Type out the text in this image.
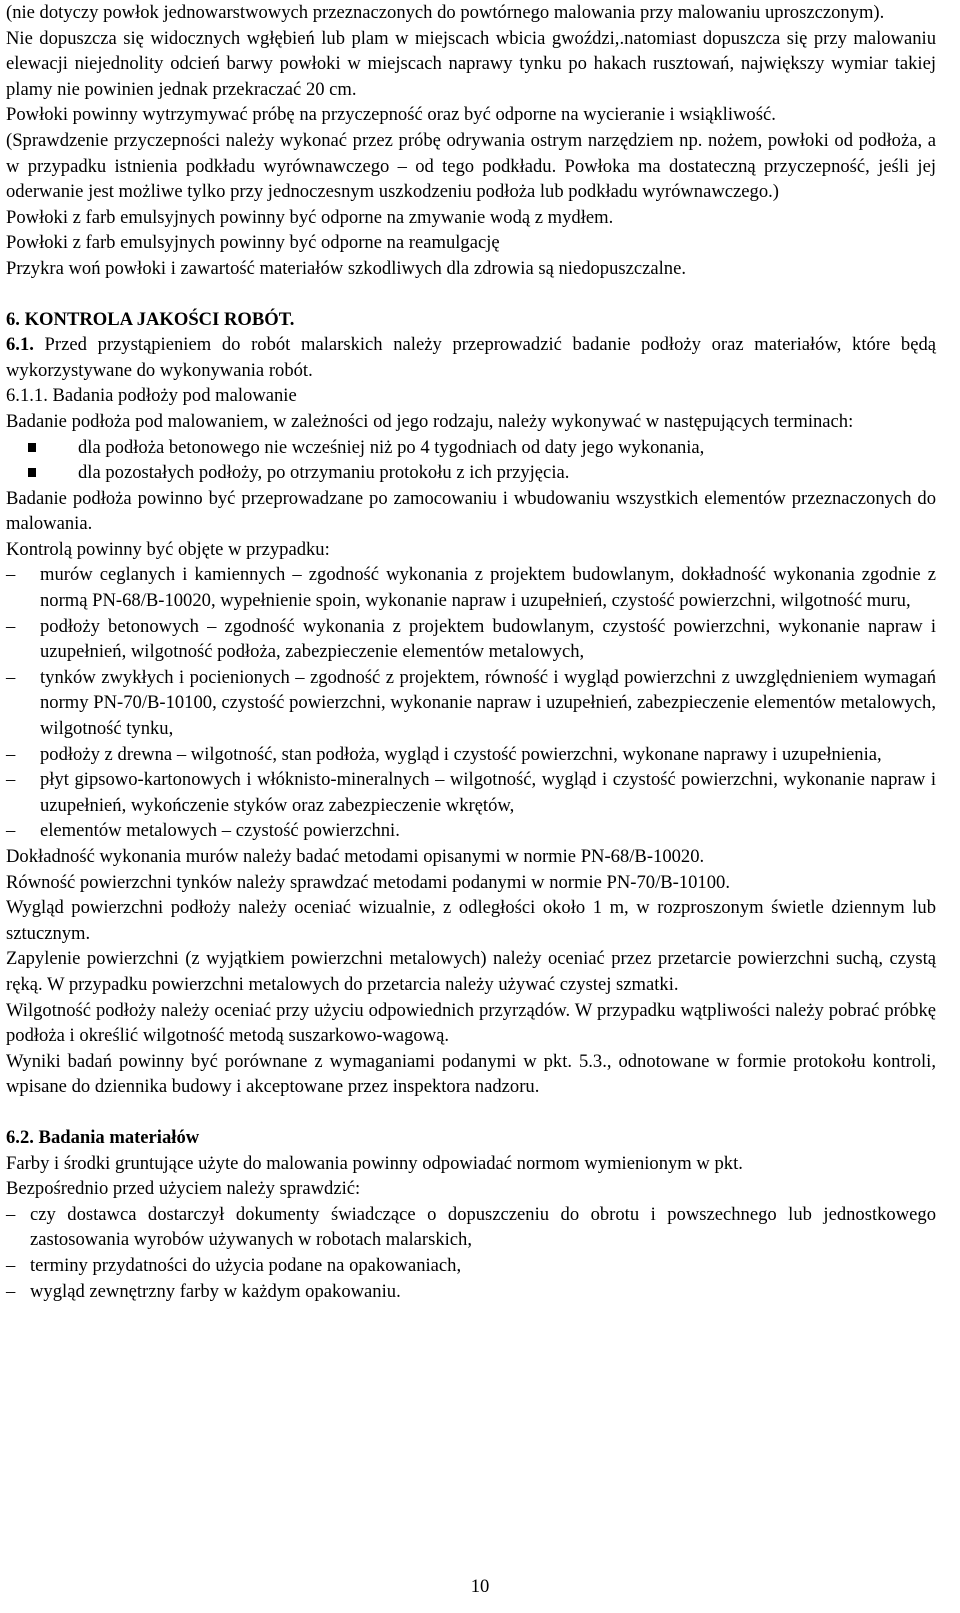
(nie dotyczy powłok jednowarstwowych przeznaczonych do powtórnego malowania przy malowaniu uproszczonym).

Nie dopuszcza się widocznych wgłębień lub plam w miejscach wbicia gwoździ,.natomiast dopuszcza się przy malowaniu elewacji niejednolity odcień barwy powłoki w miejscach naprawy tynku po hakach rusztowań, największy wymiar takiej plamy nie powinien jednak przekraczać 20 cm.

Powłoki powinny wytrzymywać próbę na przyczepność oraz być odporne na wycieranie i wsiąkliwość.

(Sprawdzenie przyczepności należy wykonać przez próbę odrywania ostrym narzędziem np. nożem, powłoki od podłoża, a w przypadku istnienia podkładu wyrównawczego – od tego podkładu. Powłoka ma dostateczną przyczepność, jeśli jej oderwanie jest możliwe tylko przy jednoczesnym uszkodzeniu podłoża lub podkładu wyrównawczego.)

Powłoki z farb emulsyjnych powinny być odporne na zmywanie wodą z mydłem.

Powłoki z farb emulsyjnych powinny być odporne na reamulgację

Przykra woń powłoki i zawartość materiałów szkodliwych dla zdrowia są niedopuszczalne.

6. KONTROLA JAKOŚCI ROBÓT.

6.1. Przed przystąpieniem do robót malarskich należy przeprowadzić badanie podłoży oraz materiałów, które będą wykorzystywane do wykonywania robót.

6.1.1. Badania podłoży pod malowanie

Badanie podłoża pod malowaniem, w zależności od jego rodzaju, należy wykonywać w następujących terminach:

dla podłoża betonowego nie wcześniej niż po 4 tygodniach od daty jego wykonania,
dla pozostałych podłoży, po otrzymaniu protokołu z ich przyjęcia.

Badanie podłoża powinno być przeprowadzane po zamocowaniu i wbudowaniu wszystkich elementów przeznaczonych do malowania.

Kontrolą powinny być objęte w przypadku:

– murów ceglanych i kamiennych – zgodność wykonania z projektem budowlanym, dokładność wykonania zgodnie z normą PN-68/B-10020, wypełnienie spoin, wykonanie napraw i uzupełnień, czystość powierzchni, wilgotność muru,
– podłoży betonowych – zgodność wykonania z projektem budowlanym, czystość powierzchni, wykonanie napraw i uzupełnień, wilgotność podłoża, zabezpieczenie elementów metalowych,
– tynków zwykłych i pocienionych – zgodność z projektem, równość i wygląd powierzchni z uwzględnieniem wymagań normy PN-70/B-10100, czystość powierzchni, wykonanie napraw i uzupełnień, zabezpieczenie elementów metalowych, wilgotność tynku,
– podłoży z drewna – wilgotność, stan podłoża, wygląd i czystość powierzchni, wykonane naprawy i uzupełnienia,
– płyt gipsowo-kartonowych i włóknisto-mineralnych – wilgotność, wygląd i czystość powierzchni, wykonanie napraw i uzupełnień, wykończenie styków oraz zabezpieczenie wkrętów,
– elementów metalowych – czystość powierzchni.

Dokładność wykonania murów należy badać metodami opisanymi w normie PN-68/B-10020.

Równość powierzchni tynków należy sprawdzać metodami podanymi w normie PN-70/B-10100.

Wygląd powierzchni podłoży należy oceniać wizualnie, z odległości około 1 m, w rozproszonym świetle dziennym lub sztucznym.

Zapylenie powierzchni (z wyjątkiem powierzchni metalowych) należy oceniać przez przetarcie powierzchni suchą, czystą ręką. W przypadku powierzchni metalowych do przetarcia należy używać czystej szmatki.

Wilgotność podłoży należy oceniać przy użyciu odpowiednich przyrządów. W przypadku wątpliwości należy pobrać próbkę podłoża i określić wilgotność metodą suszarkowo-wagową.

Wyniki badań powinny być porównane z wymaganiami podanymi w pkt. 5.3., odnotowane w formie protokołu kontroli, wpisane do dziennika budowy i akceptowane przez inspektora nadzoru.

6.2. Badania materiałów

Farby i środki gruntujące użyte do malowania powinny odpowiadać normom wymienionym w pkt.

Bezpośrednio przed użyciem należy sprawdzić:

– czy dostawca dostarczył dokumenty świadczące o dopuszczeniu do obrotu i powszechnego lub jednostkowego zastosowania wyrobów używanych w robotach malarskich,
– terminy przydatności do użycia podane na opakowaniach,
– wygląd zewnętrzny farby w każdym opakowaniu.
10
